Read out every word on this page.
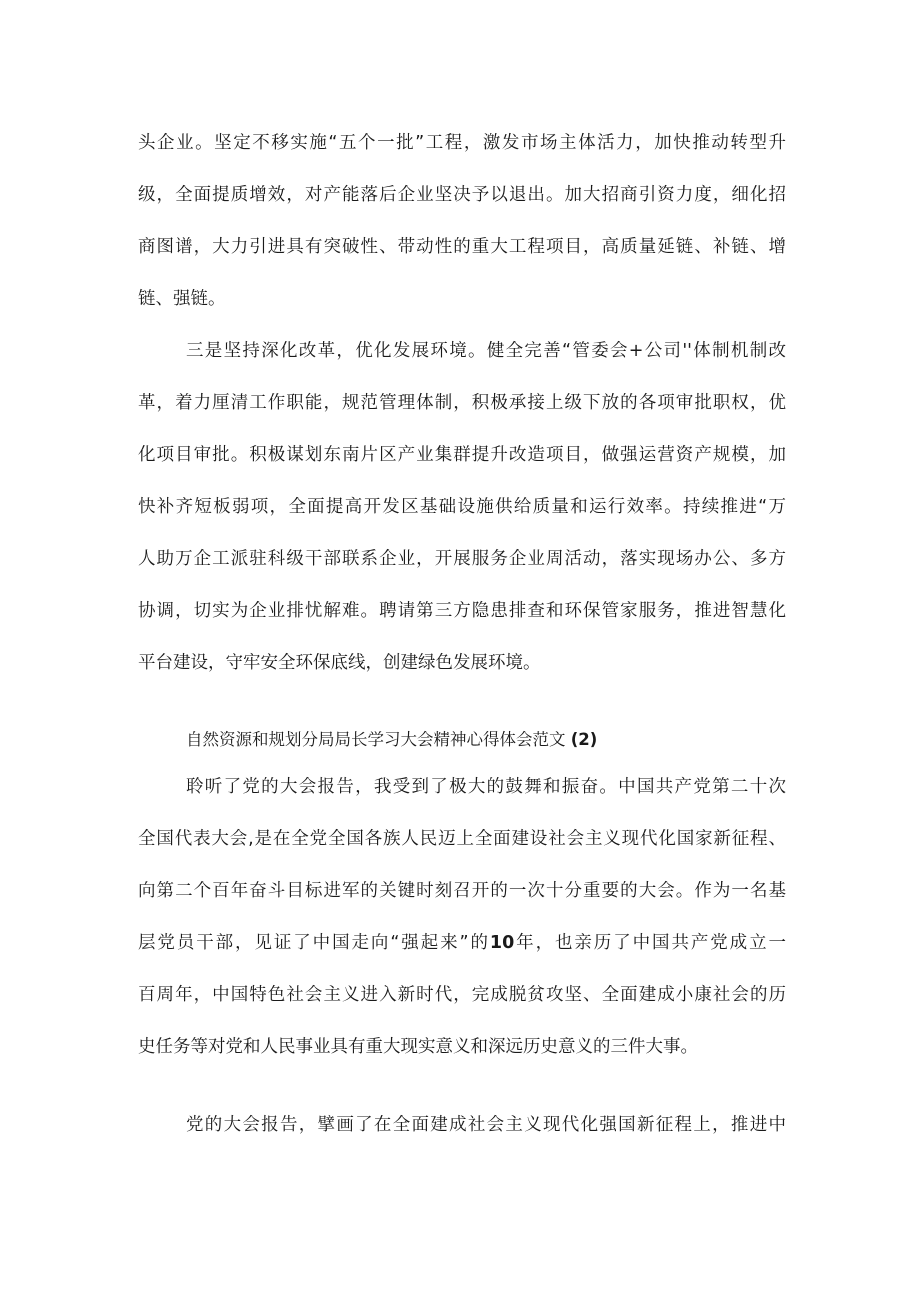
头企业。坚定不移实施“五个一批”工程，激发市场主体活力，加快推动转型升
级，全面提质增效，对产能落后企业坚决予以退出。加大招商引资力度，细化招
商图谱，大力引进具有突破性、带动性的重大工程项目，高质量延链、补链、增
链、强链。
三是坚持深化改革，优化发展环境。健全完善“管委会+公司''体制机制改
革，着力厘清工作职能，规范管理体制，积极承接上级下放的各项审批职权，优
化项目审批。积极谋划东南片区产业集群提升改造项目，做强运营资产规模，加
快补齐短板弱项，全面提高开发区基础设施供给质量和运行效率。持续推进“万
人助万企工派驻科级干部联系企业，开展服务企业周活动，落实现场办公、多方
协调，切实为企业排忧解难。聘请第三方隐患排查和环保管家服务，推进智慧化
平台建设，守牢安全环保底线，创建绿色发展环境。
自然资源和规划分局局长学习大会精神心得体会范文 (2)
聆听了党的大会报告，我受到了极大的鼓舞和振奋。中国共产党第二十次
全国代表大会,是在全党全国各族人民迈上全面建设社会主义现代化国家新征程、
向第二个百年奋斗目标进军的关键时刻召开的一次十分重要的大会。作为一名基
层党员干部，见证了中国走向“强起来”的10年，也亲历了中国共产党成立一
百周年，中国特色社会主义进入新时代，完成脱贫攻坚、全面建成小康社会的历
史任务等对党和人民事业具有重大现实意义和深远历史意义的三件大事。
党的大会报告，擘画了在全面建成社会主义现代化强国新征程上，推进中
